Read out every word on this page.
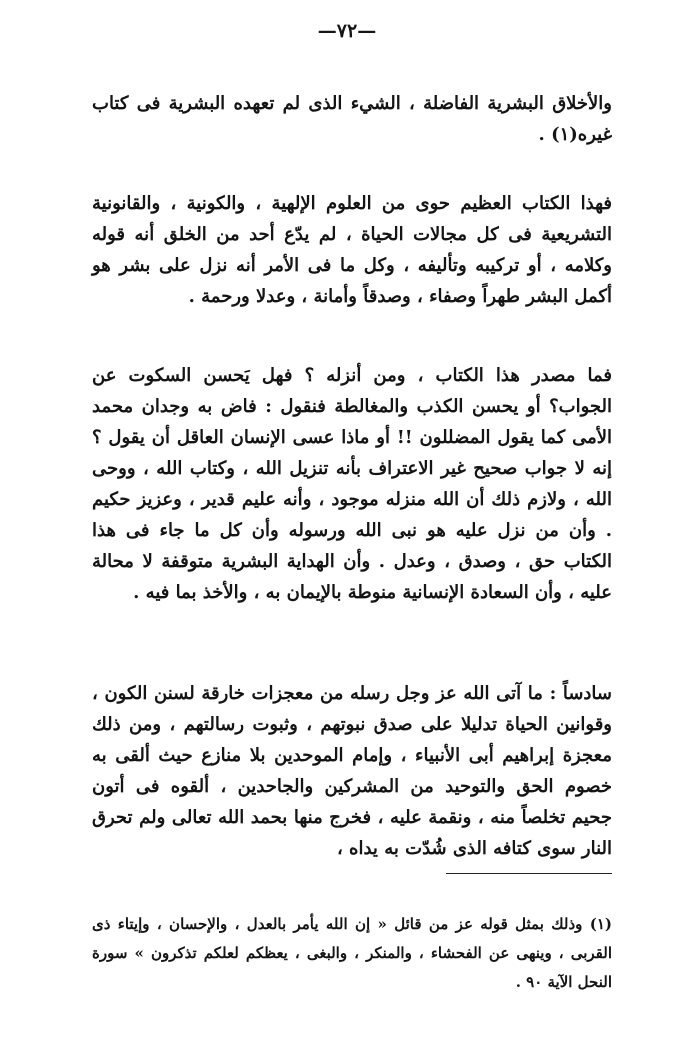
—٧٢—

والأخلاق البشرية الفاضلة ، الشيء الذى لم تعهده البشرية فى كتاب غيره(١) .

فهذا الكتاب العظيم حوى من العلوم الإلهية ، والكونية ، والقانونية التشريعية فى كل مجالات الحياة ، لم يدّع أحد من الخلق أنه قوله وكلامه ، أو تركيبه وتأليفه ، وكل ما فى الأمر أنه نزل على بشر هو أكمل البشر طهراً وصفاء ، وصدقاً وأمانة ، وعدلا ورحمة .

فما مصدر هذا الكتاب ، ومن أنزله ؟ فهل يَحسن السكوت عن الجواب؟ أو يحسن الكذب والمغالطة فنقول : فاض به وجدان محمد الأمى كما يقول المضللون !! أو ماذا عسى الإنسان العاقل أن يقول ؟ إنه لا جواب صحيح غير الاعتراف بأنه تنزيل الله ، وكتاب الله ، ووحى الله ، ولازم ذلك أن الله منزله موجود ، وأنه عليم قدير ، وعزيز حكيم . وأن من نزل عليه هو نبى الله ورسوله وأن كل ما جاء فى هذا الكتاب حق ، وصدق ، وعدل . وأن الهداية البشرية متوقفة لا محالة عليه ، وأن السعادة الإنسانية منوطة بالإيمان به ، والأخذ بما فيه .

سادساً : ما آتى الله عز وجل رسله من معجزات خارقة لسنن الكون ، وقوانين الحياة تدليلا على صدق نبوتهم ، وثبوت رسالتهم ، ومن ذلك معجزة إبراهيم أبى الأنبياء ، وإمام الموحدين بلا منازع حيث ألقى به خصوم الحق والتوحيد من المشركين والجاحدين ، ألقوه فى أتون جحيم تخلصاً منه ، ونقمة عليه ، فخرج منها بحمد الله تعالى ولم تحرق النار سوى كتافه الذى شُدّت به يداه ،

(١) وذلك بمثل قوله عز من قائل « إن الله يأمر بالعدل ، والإحسان ، وإيتاء ذى القربى ، وينهى عن الفحشاء ، والمنكر ، والبغى ، يعظكم لعلكم تذكرون » سورة النحل الآية ٩٠ .
